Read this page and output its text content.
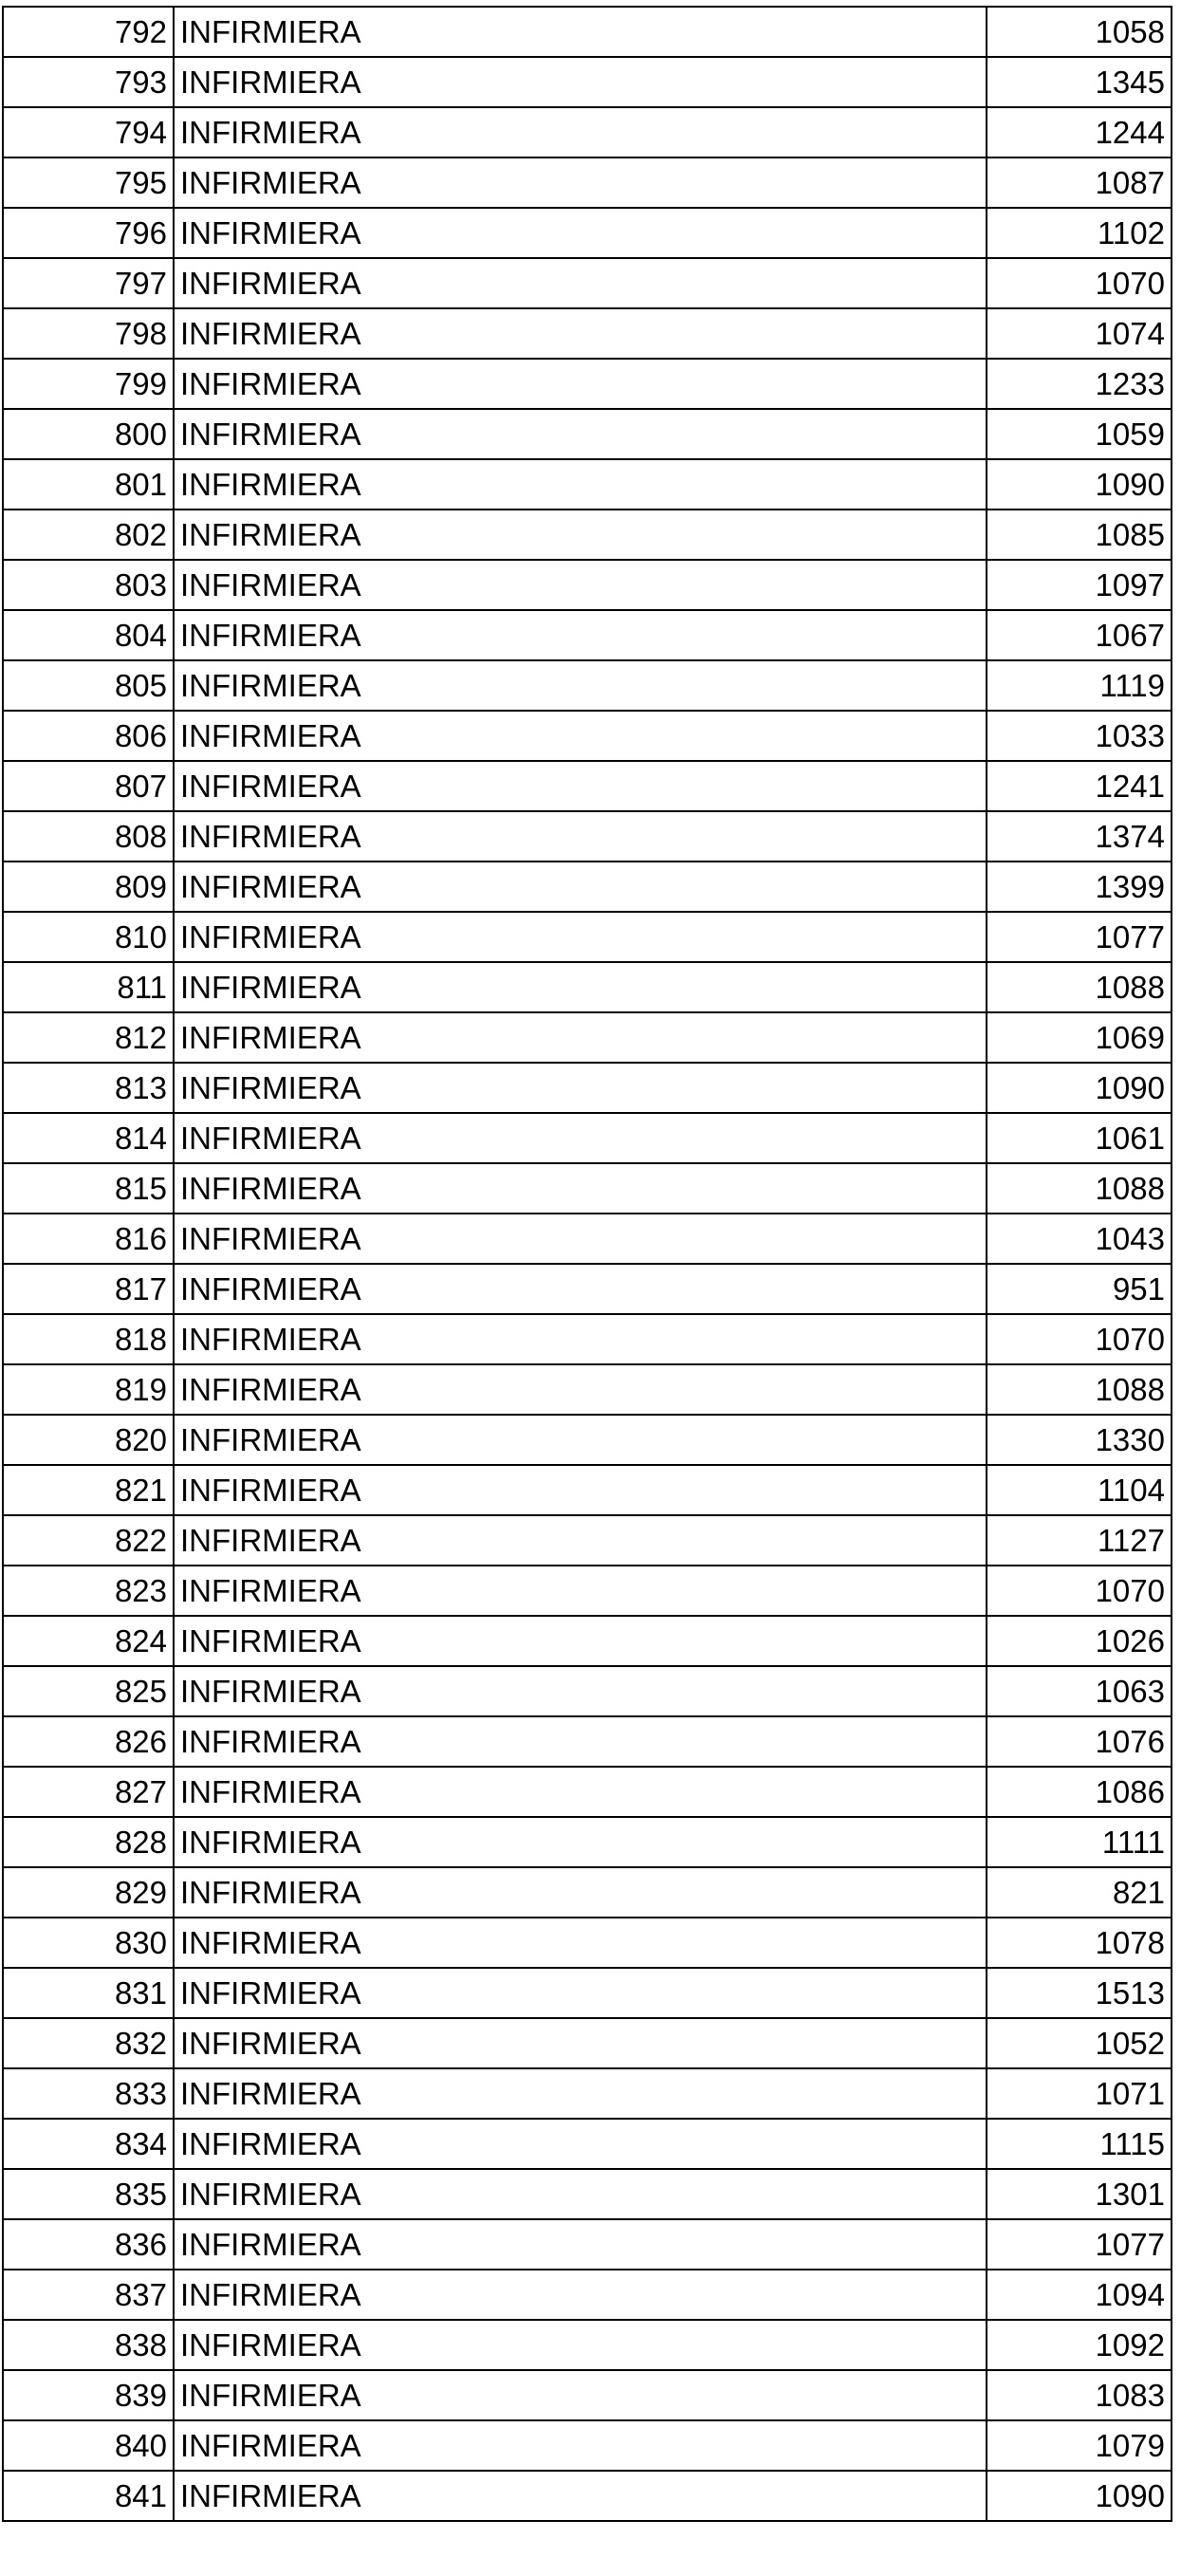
792	INFIRMIERA	1058
793	INFIRMIERA	1345
794	INFIRMIERA	1244
795	INFIRMIERA	1087
796	INFIRMIERA	1102
797	INFIRMIERA	1070
798	INFIRMIERA	1074
799	INFIRMIERA	1233
800	INFIRMIERA	1059
801	INFIRMIERA	1090
802	INFIRMIERA	1085
803	INFIRMIERA	1097
804	INFIRMIERA	1067
805	INFIRMIERA	1119
806	INFIRMIERA	1033
807	INFIRMIERA	1241
808	INFIRMIERA	1374
809	INFIRMIERA	1399
810	INFIRMIERA	1077
811	INFIRMIERA	1088
812	INFIRMIERA	1069
813	INFIRMIERA	1090
814	INFIRMIERA	1061
815	INFIRMIERA	1088
816	INFIRMIERA	1043
817	INFIRMIERA	951
818	INFIRMIERA	1070
819	INFIRMIERA	1088
820	INFIRMIERA	1330
821	INFIRMIERA	1104
822	INFIRMIERA	1127
823	INFIRMIERA	1070
824	INFIRMIERA	1026
825	INFIRMIERA	1063
826	INFIRMIERA	1076
827	INFIRMIERA	1086
828	INFIRMIERA	1111
829	INFIRMIERA	821
830	INFIRMIERA	1078
831	INFIRMIERA	1513
832	INFIRMIERA	1052
833	INFIRMIERA	1071
834	INFIRMIERA	1115
835	INFIRMIERA	1301
836	INFIRMIERA	1077
837	INFIRMIERA	1094
838	INFIRMIERA	1092
839	INFIRMIERA	1083
840	INFIRMIERA	1079
841	INFIRMIERA	1090
